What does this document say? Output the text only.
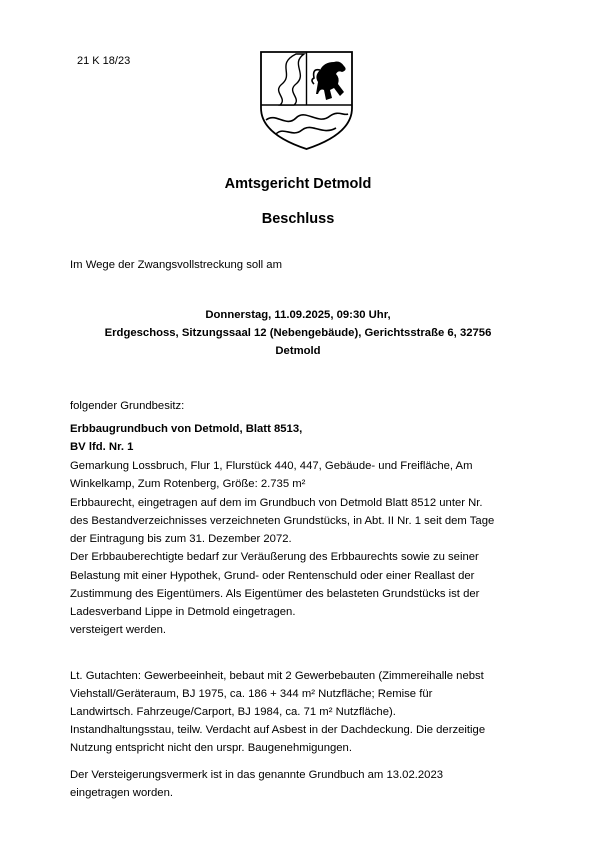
21 K 18/23
Amtsgericht Detmold
Beschluss
Im Wege der Zwangsvollstreckung soll am
Donnerstag, 11.09.2025, 09:30 Uhr,
Erdgeschoss, Sitzungssaal 12 (Nebengebäude), Gerichtsstraße 6, 32756
Detmold
folgender Grundbesitz:
Erbbaugrundbuch von Detmold, Blatt 8513,
BV lfd. Nr. 1
Gemarkung Lossbruch, Flur 1, Flurstück 440, 447, Gebäude- und Freifläche, Am
Winkelkamp, Zum Rotenberg, Größe: 2.735 m²
Erbbaurecht, eingetragen auf dem im Grundbuch von Detmold Blatt 8512 unter Nr.
des Bestandverzeichnisses verzeichneten Grundstücks, in Abt. II Nr. 1 seit dem Tage
der Eintragung bis zum 31. Dezember 2072.
Der Erbbauberechtigte bedarf zur Veräußerung des Erbbaurechts sowie zu seiner
Belastung mit einer Hypothek, Grund- oder Rentenschuld oder einer Reallast der
Zustimmung des Eigentümers. Als Eigentümer des belasteten Grundstücks ist der
Ladesverband Lippe in Detmold eingetragen.
versteigert werden.
Lt. Gutachten: Gewerbeeinheit, bebaut mit 2 Gewerbebauten (Zimmereihalle nebst
Viehstall/Geräteraum, BJ 1975, ca. 186 + 344 m² Nutzfläche; Remise für
Landwirtsch. Fahrzeuge/Carport, BJ 1984, ca. 71 m² Nutzfläche).
Instandhaltungsstau, teilw. Verdacht auf Asbest in der Dachdeckung. Die derzeitige
Nutzung entspricht nicht den urspr. Baugenehmigungen.
Der Versteigerungsvermerk ist in das genannte Grundbuch am 13.02.2023
eingetragen worden.
